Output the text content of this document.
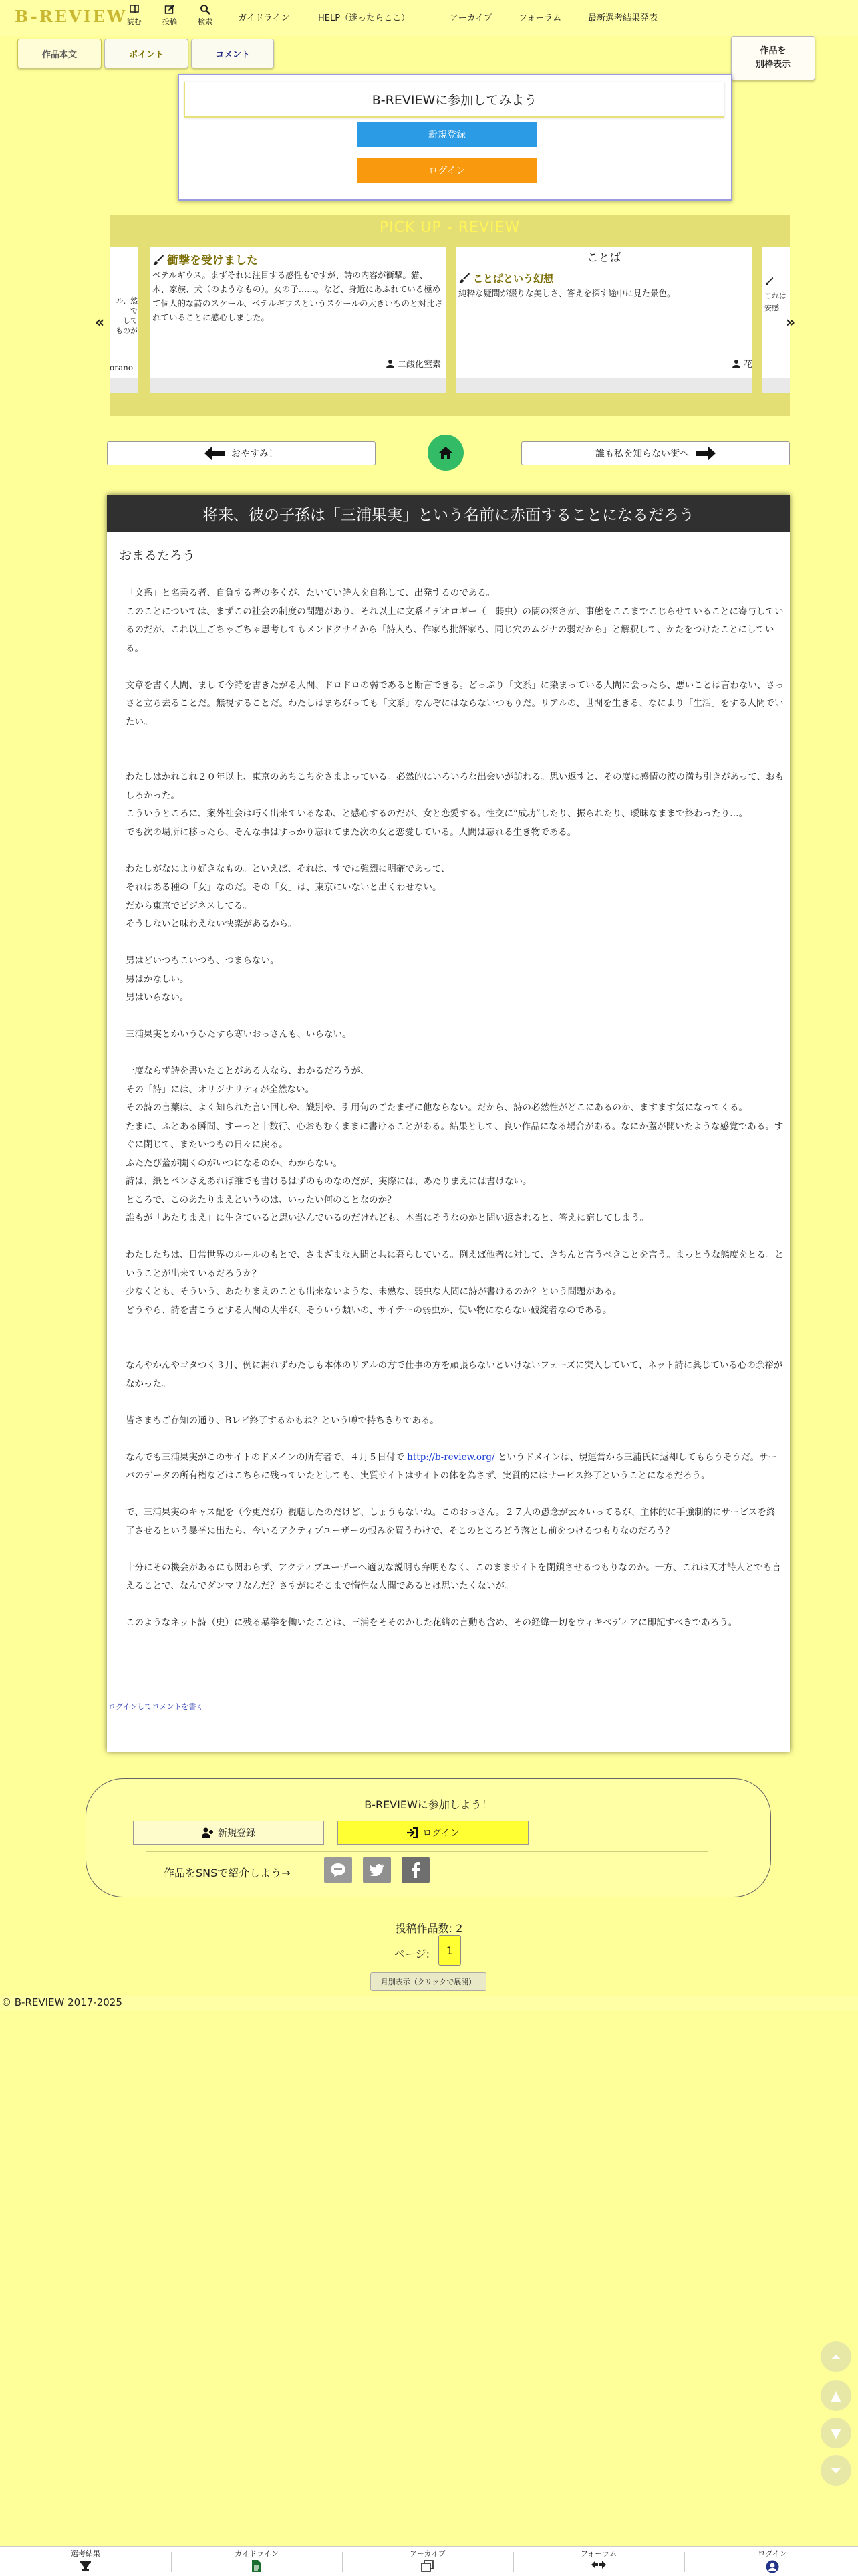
B-REVIEW 読む	投稿	検索	ガイドライン	HELP（迷ったらここ）	アーカイブ	フォーラム	最新選考結果発表
作品本文	ポイント	コメント	作品を
別枠表示
B-REVIEWに参加してみよう
新規登録
ログイン
PICK UP - REVIEW
ル、然で
して
ものが
orano
衝撃を受けました
ベテルギウス。まずそれに注目する感性もですが、詩の内容が衝撃。猫、木、家族、犬（のようなもの）。女の子……。など、身近にあふれている極めて個人的な詩のスケール、ベテルギウスというスケールの大きいものと対比されていることに感心しました。
二酸化窒素
ことば
ことばという幻想
純粋な疑問が綴りな美しさ、答えを探す途中に見た景色。
花
これは
安感
«	»
おやすみ！	誰も私を知らない街へ
将来、彼の子孫は「三浦果実」という名前に赤面することになるだろう
おまるたろう

「文系」と名乗る者、自負する者の多くが、たいてい詩人を自称して、出発するのである。
このことについては、まずこの社会の制度の問題があり、それ以上に文系イデオロギー（＝弱虫）の闇の深さが、事態をここまでこじらせていることに寄与しているのだが、これ以上ごちゃごちゃ思考してもメンドクサイから「詩人も、作家も批評家も、同じ穴のムジナの弱だから」と解釈して、かたをつけたことにしている。

文章を書く人間、まして今詩を書きたがる人間、ドロドロの弱であると断言できる。どっぷり「文系」に染まっている人間に会ったら、悪いことは言わない、さっさと立ち去ることだ。無視することだ。わたしはまちがっても「文系」なんぞにはならないつもりだ。リアルの、世間を生きる、なにより「生活」をする人間でいたい。

わたしはかれこれ２０年以上、東京のあちこちをさまよっている。必然的にいろいろな出会いが訪れる。思い返すと、その度に感情の波の満ち引きがあって、おもしろかった。
こういうところに、案外社会は巧く出来ているなあ、と感心するのだが、女と恋愛する。性交に“成功”したり、振られたり、曖昧なままで終わったり…。
でも次の場所に移ったら、そんな事はすっかり忘れてまた次の女と恋愛している。人間は忘れる生き物である。

わたしがなにより好きなもの。といえば、それは、すでに強烈に明確であって、
それはある種の「女」なのだ。その「女」は、東京にいないと出くわせない。
だから東京でビジネスしてる。
そうしないと味わえない快楽があるから。

男はどいつもこいつも、つまらない。
男はかなしい。
男はいらない。

三浦果実とかいうひたすら寒いおっさんも、いらない。

一度ならず詩を書いたことがある人なら、わかるだろうが、
その「詩」には、オリジナリティが全然ない。
その詩の言葉は、よく知られた言い回しや、識別や、引用句のごたまぜに他ならない。だから、詩の必然性がどこにあるのか、ますます気になってくる。
たまに、ふとある瞬間、すーっと十数行、心おもむくままに書けることがある。結果として、良い作品になる場合がある。なにか蓋が開いたような感覚である。すぐに閉じて、またいつもの日々に戻る。
ふたたび蓋が開くのがいつになるのか、わからない。
詩は、紙とペンさえあれば誰でも書けるはずのものなのだが、実際には、あたりまえには書けない。
ところで、このあたりまえというのは、いったい何のことなのか？
誰もが「あたりまえ」に生きていると思い込んでいるのだけれども、本当にそうなのかと問い返されると、答えに窮してしまう。

わたしたちは、日常世界のルールのもとで、さまざまな人間と共に暮らしている。例えば他者に対して、きちんと言うべきことを言う。まっとうな態度をとる。ということが出来ているだろうか？
少なくとも、そういう、あたりまえのことも出来ないような、未熟な、弱虫な人間に詩が書けるのか？という問題がある。
どうやら、詩を書こうとする人間の大半が、そういう類いの、サイテーの弱虫か、使い物にならない破綻者なのである。

なんやかんやゴタつく３月、例に漏れずわたしも本体のリアルの方で仕事の方を頑張らないといけないフェーズに突入していて、ネット詩に興じている心の余裕がなかった。

皆さまもご存知の通り、Bレビ終了するかもね？という噂で持ちきりである。

なんでも三浦果実がこのサイトのドメインの所有者で、４月５日付で http://b-review.org/ というドメインは、現運営から三浦氏に返却してもらうそうだ。サーバのデータの所有権などはこちらに残っていたとしても、実質サイトはサイトの体を為さず、実質的にはサービス終了ということになるだろう。

で、三浦果実のキャス配を（今更だが）視聴したのだけど、しょうもないね。このおっさん。２７人の愚念が云々いってるが、主体的に手強制的にサービスを終了させるという暴挙に出たら、今いるアクティブユーザーの恨みを買うわけで、そこのところどう落とし前をつけるつもりなのだろう？

十分にその機会があるにも関わらず、アクティブユーザーへ適切な説明も弁明もなく、このままサイトを閉鎖させるつもりなのか。一方、これは天才詩人とでも言えることで、なんでダンマリなんだ？さすがにそこまで惰性な人間であるとは思いたくないが。

このようなネット詩（史）に残る暴挙を働いたことは、三浦をそそのかした花緒の言動も含め、その経緯一切をウィキペディアに即記すべきであろう。

ログインしてコメントを書く
B-REVIEWに参加しよう！
新規登録	ログイン
作品をSNSで紹介しよう→
投稿作品数: 2
ページ:	1
月別表示（クリックで展開）
© B-REVIEW 2017-2025
⏶
▲
▼
⏷
選考結果	ガイドライン	アーカイブ	フォーラム	ログイン
